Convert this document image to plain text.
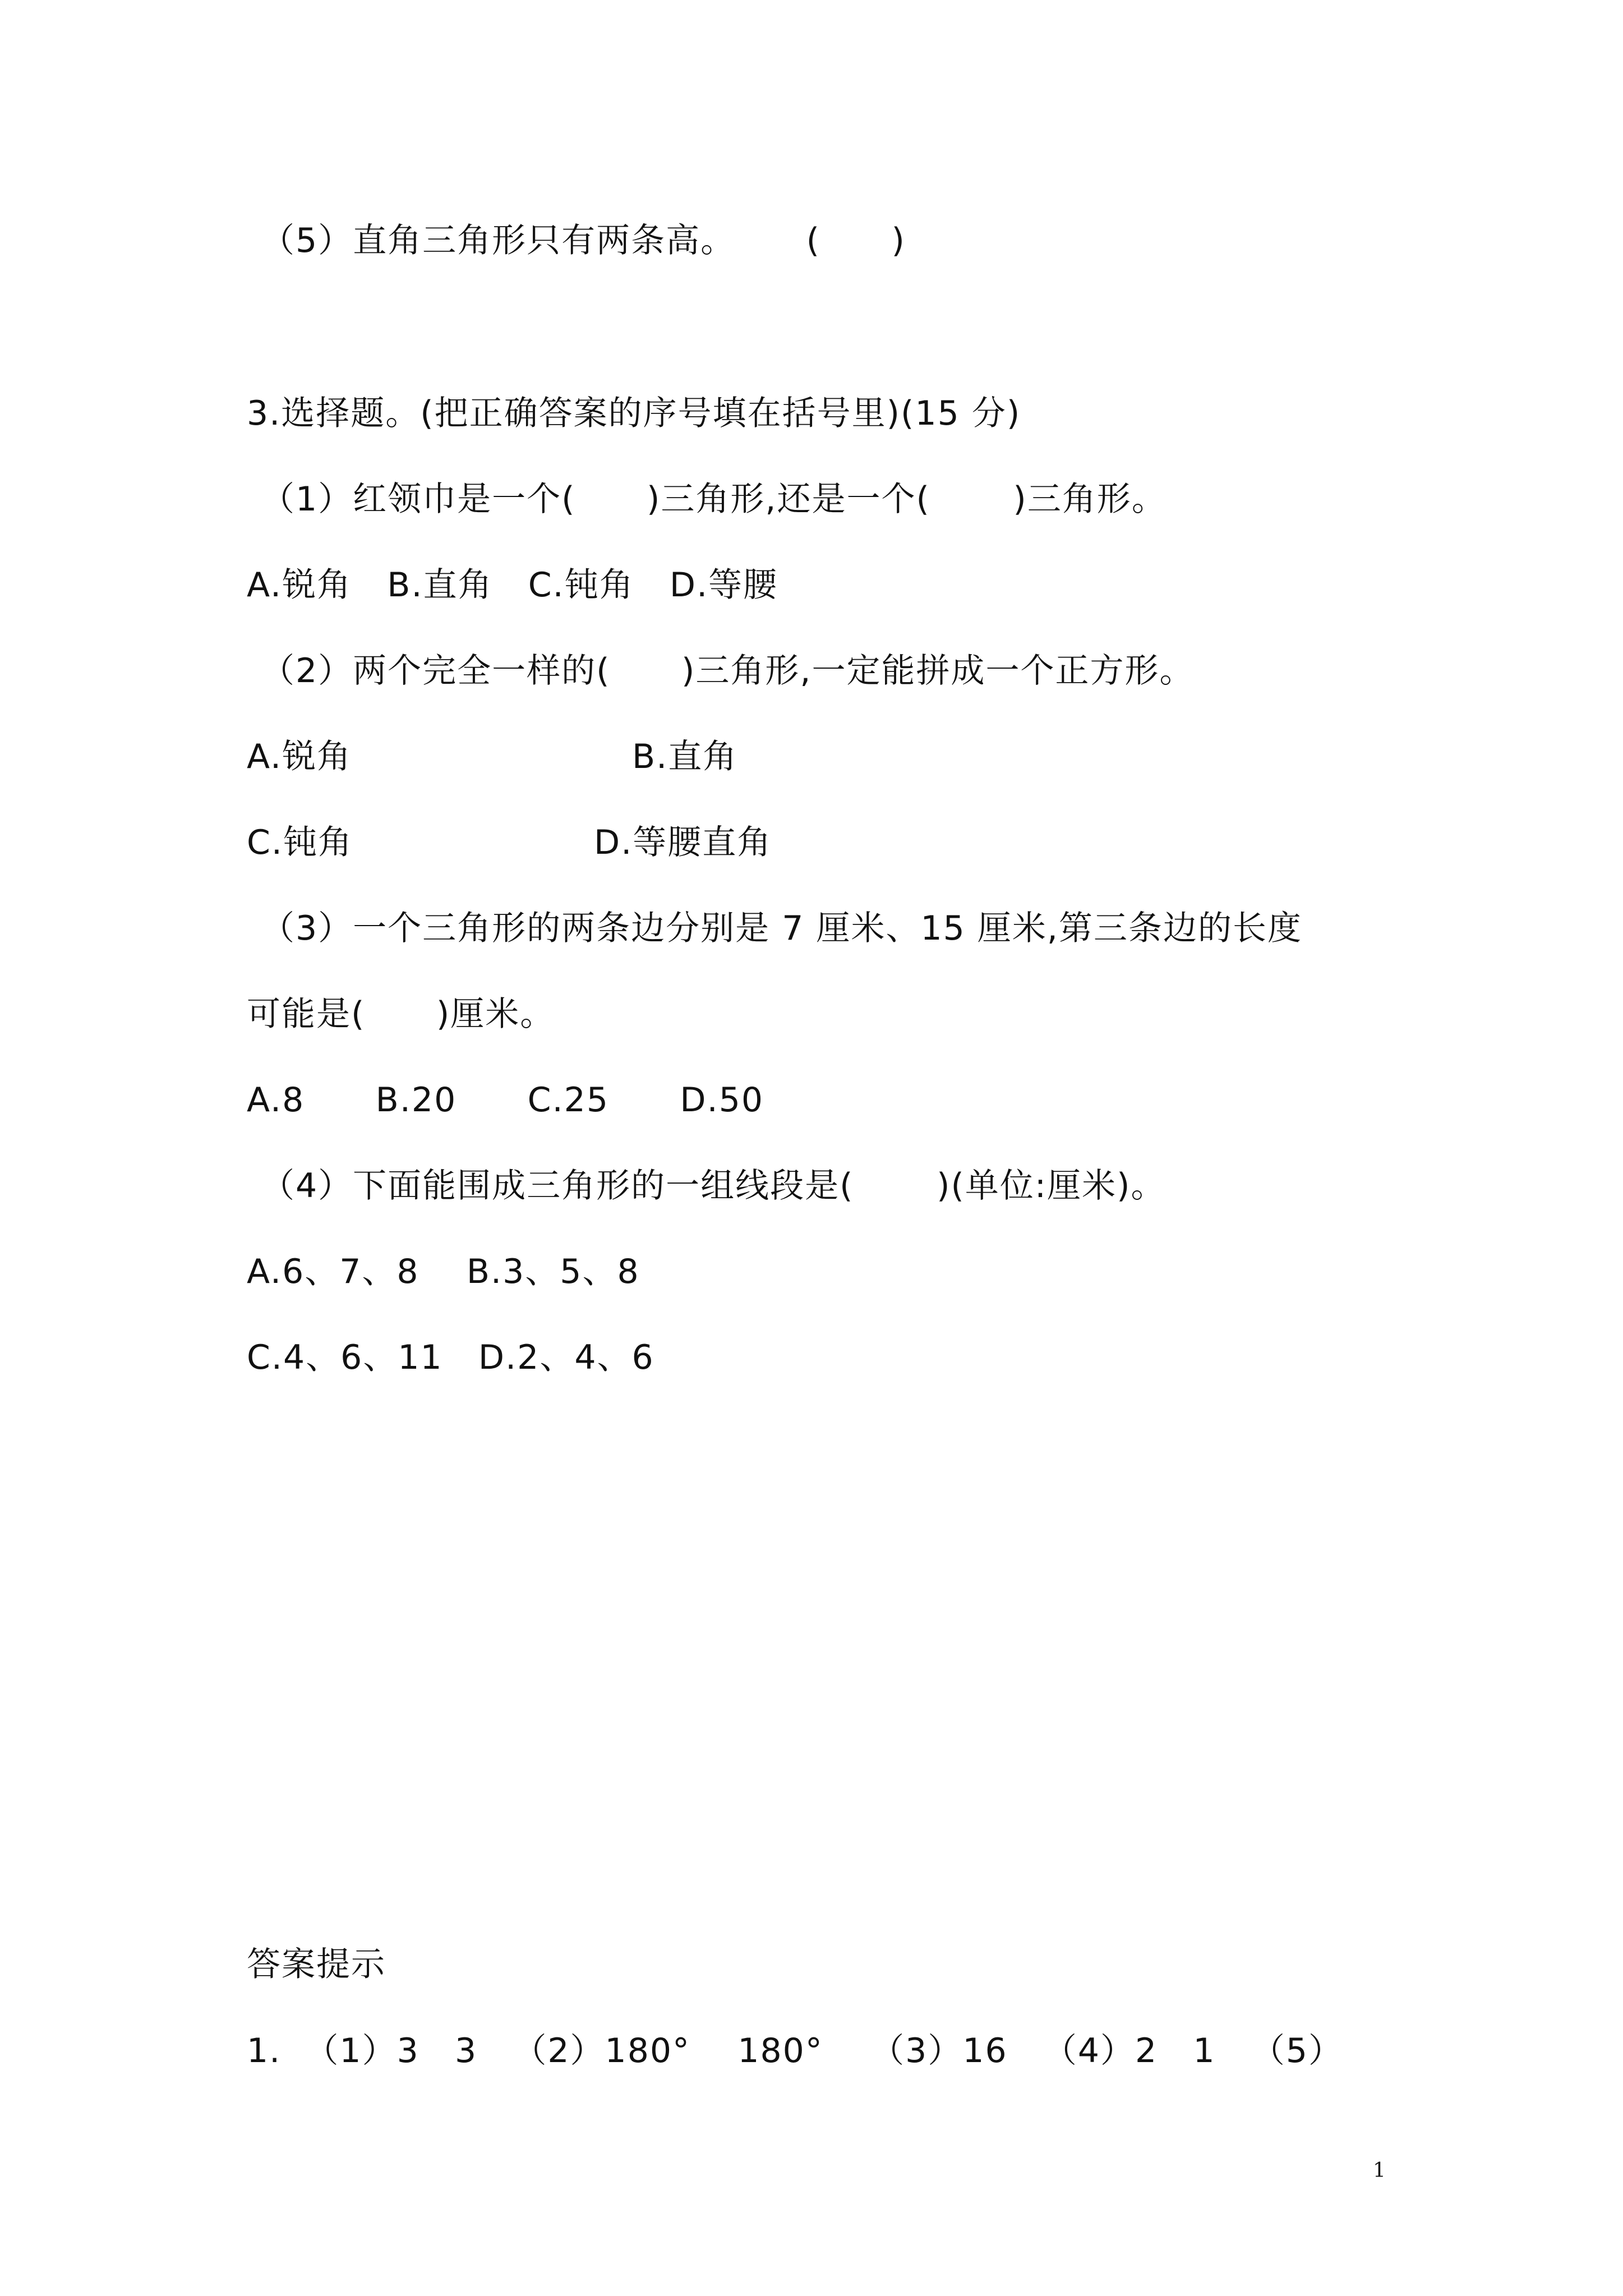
（5）直角三角形只有两条高。      (      )
3.选择题。(把正确答案的序号填在括号里)(15 分)
（1）红领巾是一个(      )三角形,还是一个(       )三角形。
A.锐角   B.直角   C.钝角   D.等腰
（2）两个完全一样的(      )三角形,一定能拼成一个正方形。
A.锐角	B.直角
C.钝角	D.等腰直角
（3）一个三角形的两条边分别是 7 厘米、15 厘米,第三条边的长度
可能是(      )厘米。
A.8      B.20      C.25      D.50
（4）下面能围成三角形的一组线段是(       )(单位:厘米)。
A.6、7、8    B.3、5、8
C.4、6、11   D.2、4、6
答案提示
1.  （1）3   3   （2）180°    180°    （3）16   （4）2   1   （5）
1
